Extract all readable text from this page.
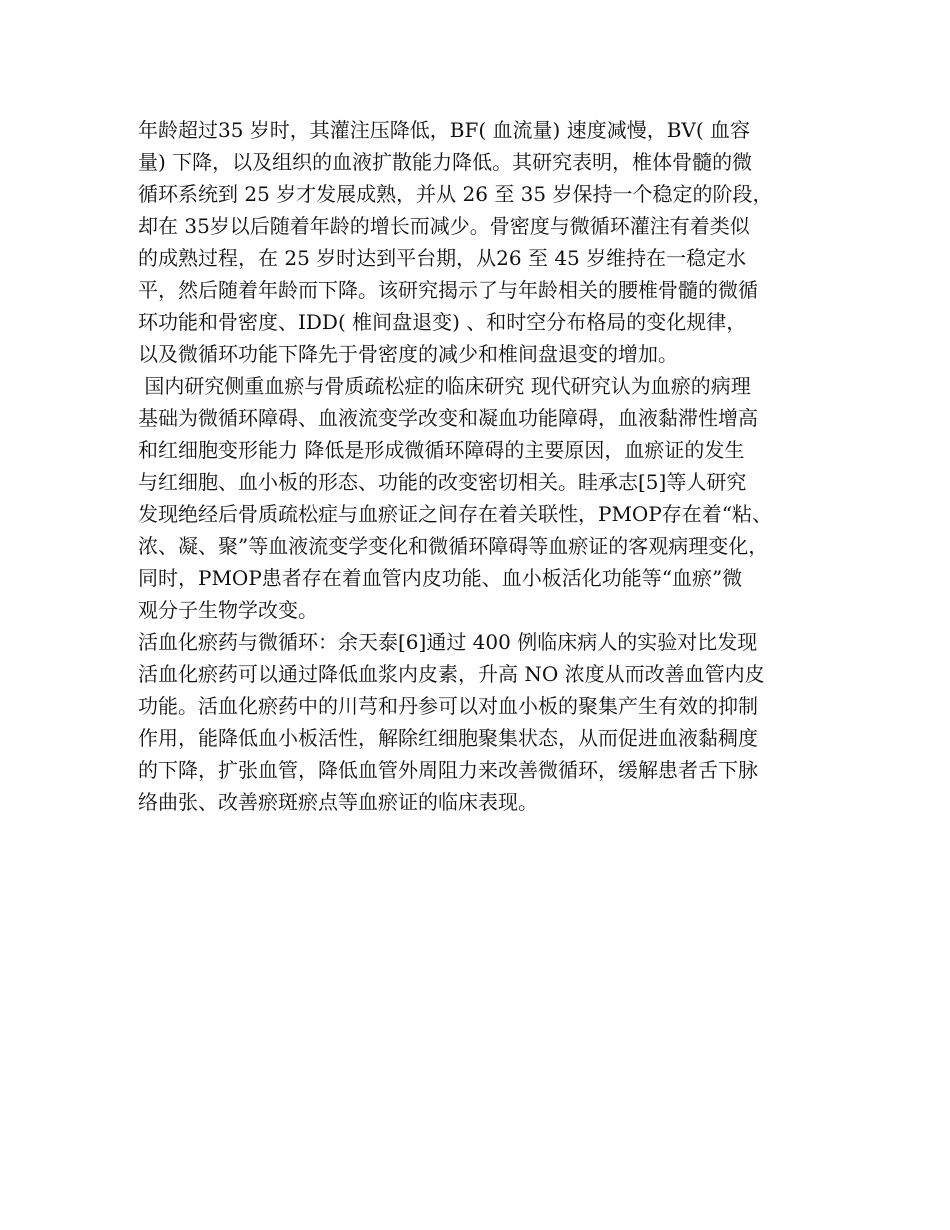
年龄超过35 岁时，其灌注压降低，BF( 血流量) 速度减慢，BV( 血容
量) 下降，以及组织的血液扩散能力降低。其研究表明，椎体骨髓的微
循环系统到 25 岁才发展成熟，并从 26 至 35 岁保持一个稳定的阶段，
却在 35岁以后随着年龄的增长而减少。骨密度与微循环灌注有着类似
的成熟过程，在 25 岁时达到平台期，从26 至 45 岁维持在一稳定水
平，然后随着年龄而下降。该研究揭示了与年龄相关的腰椎骨髓的微循
环功能和骨密度、IDD( 椎间盘退变) 、和时空分布格局的变化规律，
以及微循环功能下降先于骨密度的减少和椎间盘退变的增加。
国内研究侧重血瘀与骨质疏松症的临床研究 现代研究认为血瘀的病理
基础为微循环障碍、血液流变学改变和凝血功能障碍，血液黏滞性增高
和红细胞变形能力 降低是形成微循环障碍的主要原因，血瘀证的发生
与红细胞、血小板的形态、功能的改变密切相关。眭承志[5]等人研究
发现绝经后骨质疏松症与血瘀证之间存在着关联性，PMOP存在着“粘、
浓、凝、聚”等血液流变学变化和微循环障碍等血瘀证的客观病理变化，
同时，PMOP患者存在着血管内皮功能、血小板活化功能等“血瘀”微
观分子生物学改变。
活血化瘀药与微循环：余天泰[6]通过 400 例临床病人的实验对比发现
活血化瘀药可以通过降低血浆内皮素，升高 NO 浓度从而改善血管内皮
功能。活血化瘀药中的川芎和丹参可以对血小板的聚集产生有效的抑制
作用，能降低血小板活性，解除红细胞聚集状态，从而促进血液黏稠度
的下降，扩张血管，降低血管外周阻力来改善微循环，缓解患者舌下脉
络曲张、改善瘀斑瘀点等血瘀证的临床表现。
